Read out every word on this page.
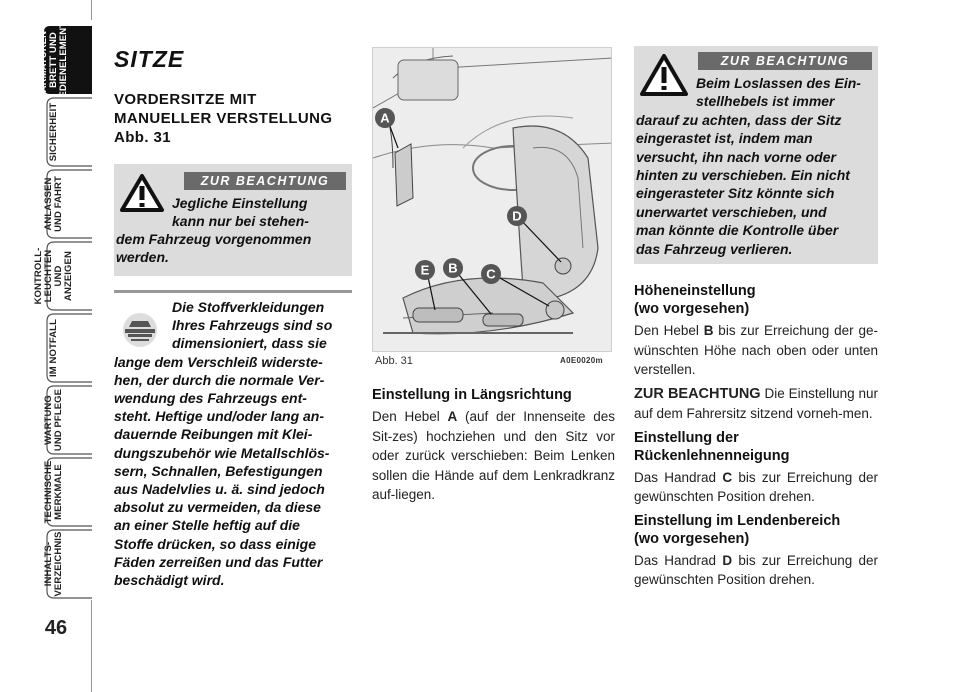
ARMATUREN-
BRETT UND
BEDIENELEMENTE
SICHERHEIT
ANLASSEN
UND FAHRT
KONTROLL-
LEUCHTEN
UND ANZEIGEN
IM NOTFALL
WARTUNG
UND PFLEGE
TECHNISCHE
MERKMALE
INHALTS-
VERZEICHNIS
46
SITZE
VORDERSITZE MIT
MANUELLER VERSTELLUNG
Abb. 31
ZUR BEACHTUNG
Jegliche Einstellung
kann nur bei stehen-
dem Fahrzeug vorgenommen
werden.
Die Stoffverkleidungen
Ihres Fahrzeugs sind so
dimensioniert, dass sie
lange dem Verschleiß widerste-
hen, der durch die normale Ver-
wendung des Fahrzeugs ent-
steht. Heftige und/oder lang an-
dauernde Reibungen mit Klei-
dungszubehör wie Metallschlös-
sern, Schnallen, Befestigungen
aus Nadelvlies u. ä. sind jedoch
absolut zu vermeiden, da diese
an einer Stelle heftig auf die
Stoffe drücken, so dass einige
Fäden zerreißen und das Futter
beschädigt wird.
A
D
E B C
Abb. 31	A0E0020m
Einstellung in Längsrichtung

Den Hebel A (auf der Innenseite des Sit-zes) hochziehen und den Sitz vor oder zurück verschieben: Beim Lenken sollen die Hände auf dem Lenkradkranz auf-liegen.

ZUR BEACHTUNG
Beim Loslassen des Ein-
stellhebels ist immer
darauf zu achten, dass der Sitz
eingerastet ist, indem man
versucht, ihn nach vorne oder
hinten zu verschieben. Ein nicht
eingerasteter Sitz könnte sich
unerwartet verschieben, und
man könnte die Kontrolle über
das Fahrzeug verlieren.
Höheneinstellung
(wo vorgesehen)

Den Hebel B bis zur Erreichung der ge-wünschten Höhe nach oben oder unten verstellen.

ZUR BEACHTUNG Die Einstellung nur auf dem Fahrersitz sitzend vorneh-men.

Einstellung der
Rückenlehnenneigung

Das Handrad C bis zur Erreichung der gewünschten Position drehen.

Einstellung im Lendenbereich
(wo vorgesehen)

Das Handrad D bis zur Erreichung der gewünschten Position drehen.
